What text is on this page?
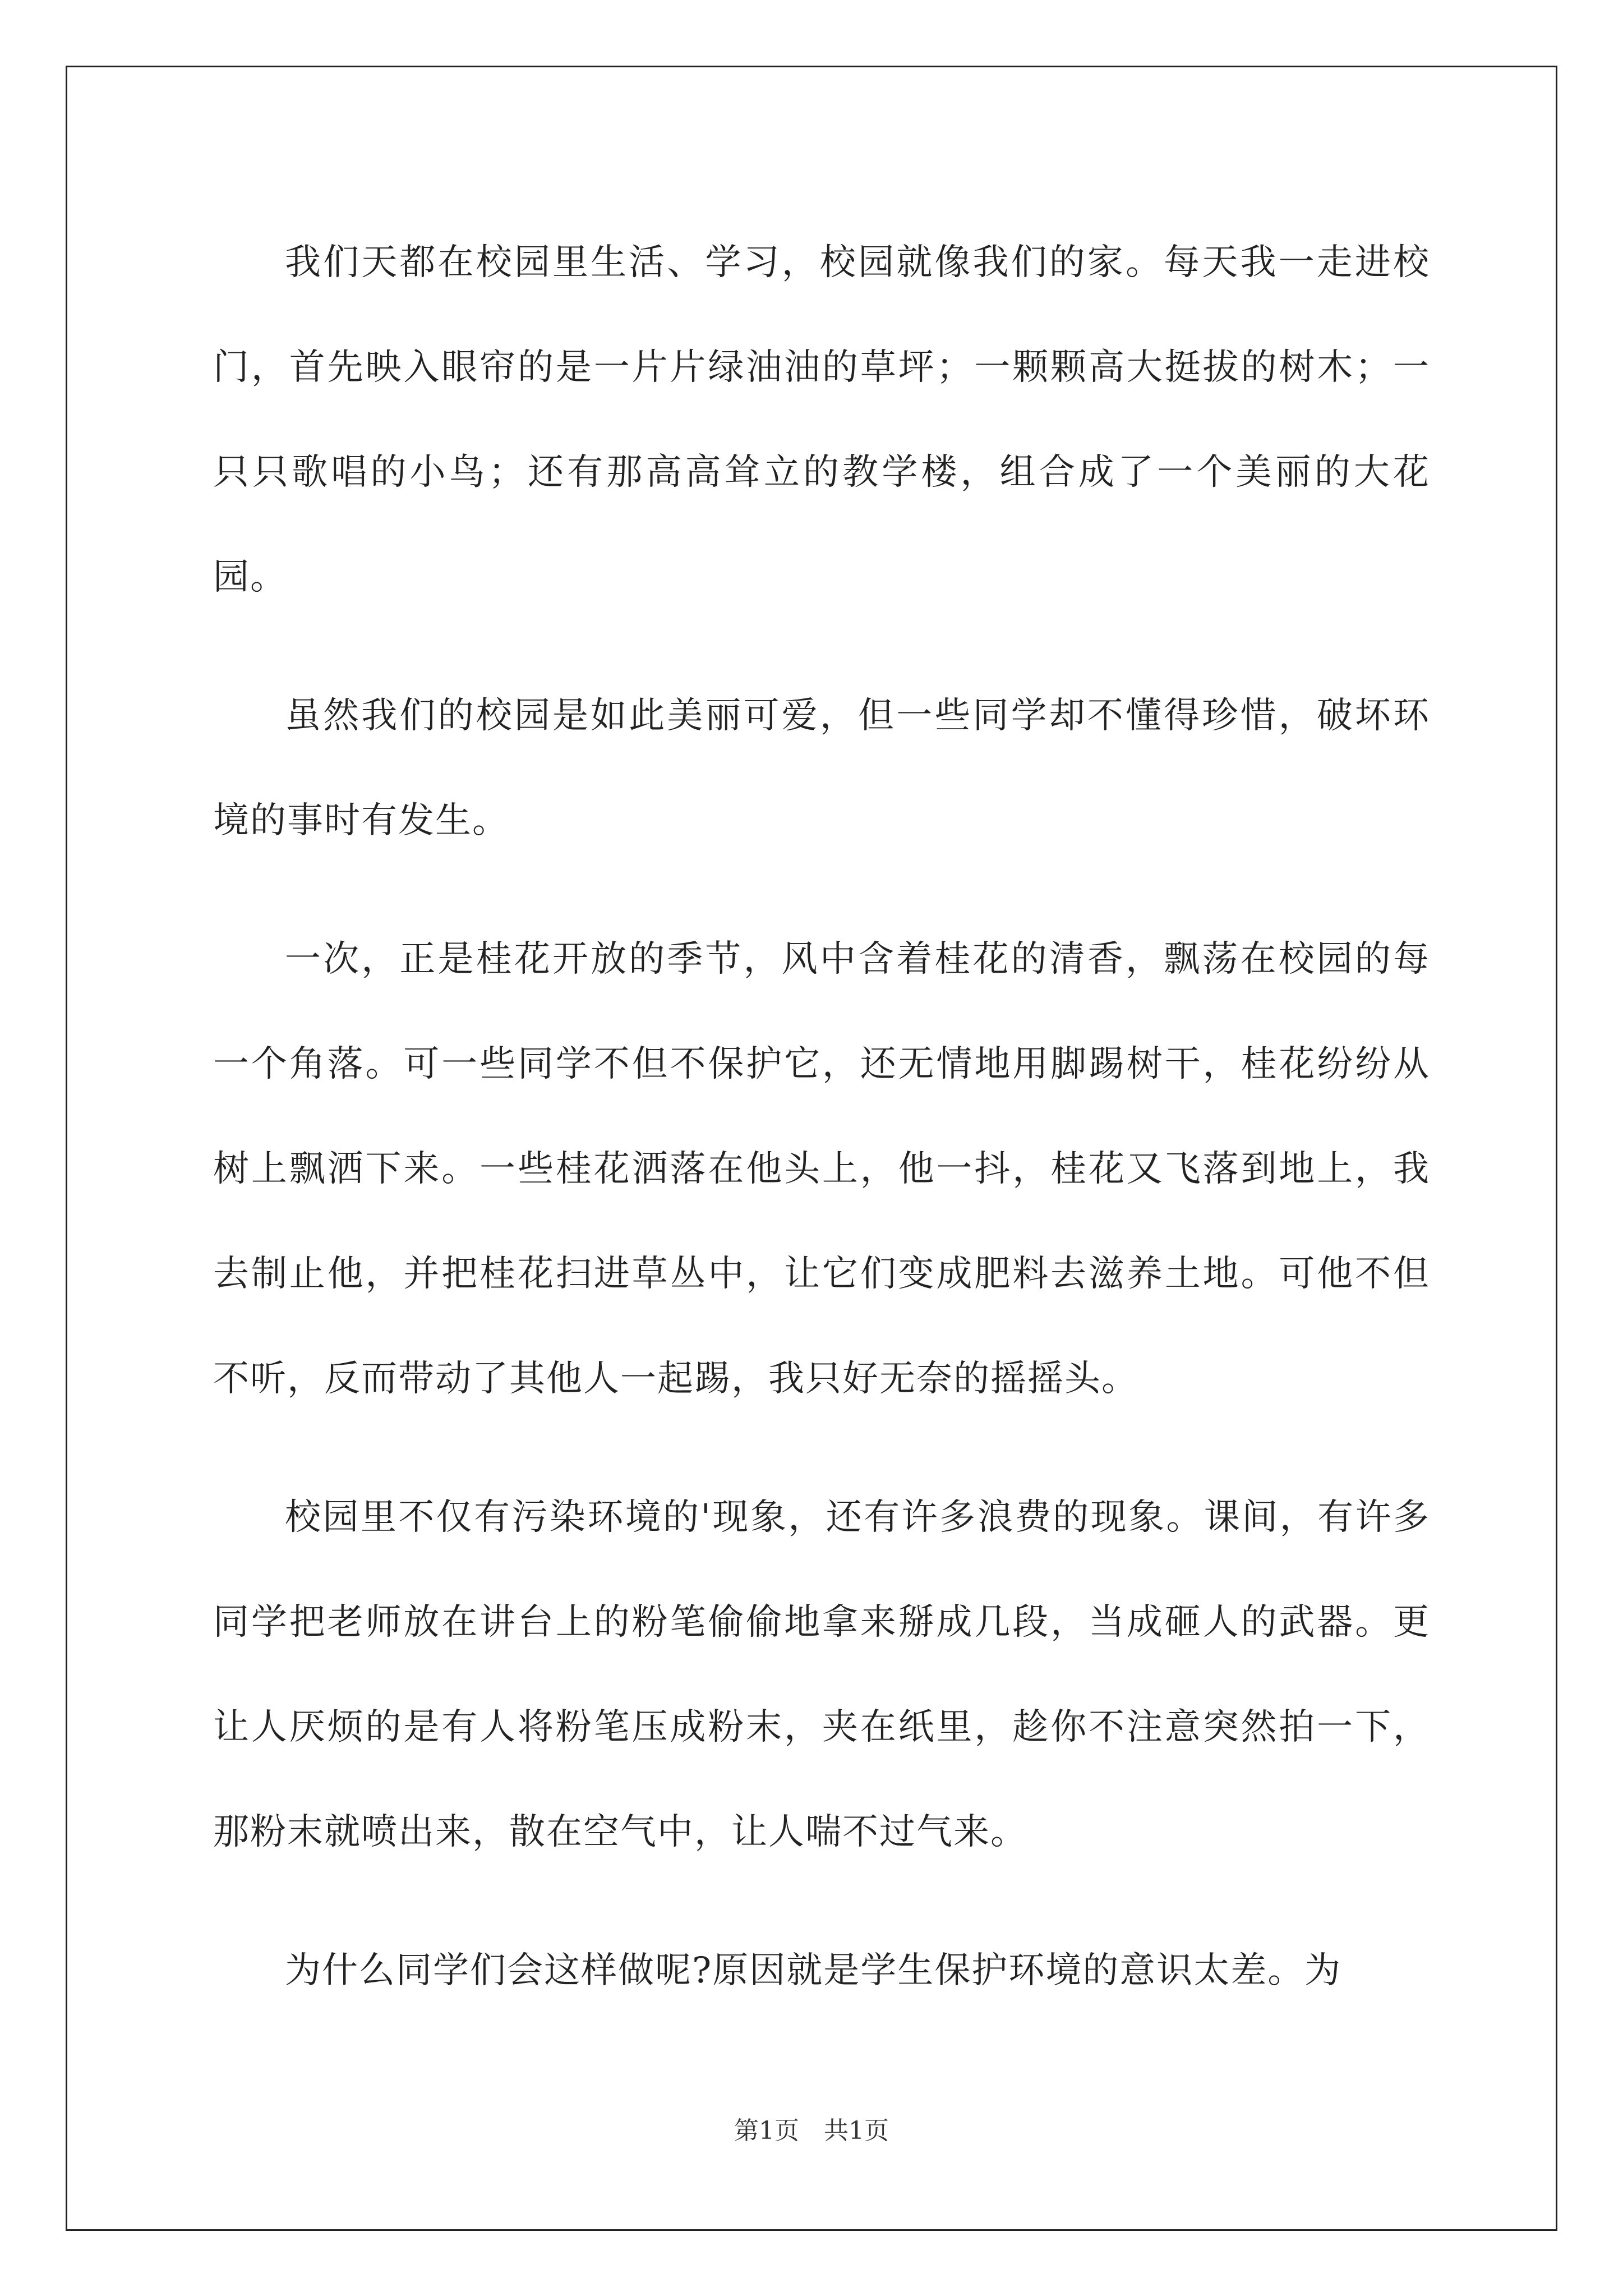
我们天都在校园里生活、学习，校园就像我们的家。每天我一走进校门，首先映入眼帘的是一片片绿油油的草坪；一颗颗高大挺拔的树木；一只只歌唱的小鸟；还有那高高耸立的教学楼，组合成了一个美丽的大花园。

虽然我们的校园是如此美丽可爱，但一些同学却不懂得珍惜，破坏环境的事时有发生。

一次，正是桂花开放的季节，风中含着桂花的清香，飘荡在校园的每一个角落。可一些同学不但不保护它，还无情地用脚踢树干，桂花纷纷从树上飘洒下来。一些桂花洒落在他头上，他一抖，桂花又飞落到地上，我去制止他，并把桂花扫进草丛中，让它们变成肥料去滋养土地。可他不但不听，反而带动了其他人一起踢，我只好无奈的摇摇头。

校园里不仅有污染环境的'现象，还有许多浪费的现象。课间，有许多同学把老师放在讲台上的粉笔偷偷地拿来掰成几段，当成砸人的武器。更让人厌烦的是有人将粉笔压成粉末，夹在纸里，趁你不注意突然拍一下，那粉末就喷出来，散在空气中，让人喘不过气来。

为什么同学们会这样做呢?原因就是学生保护环境的意识太差。为

第1页　共1页
